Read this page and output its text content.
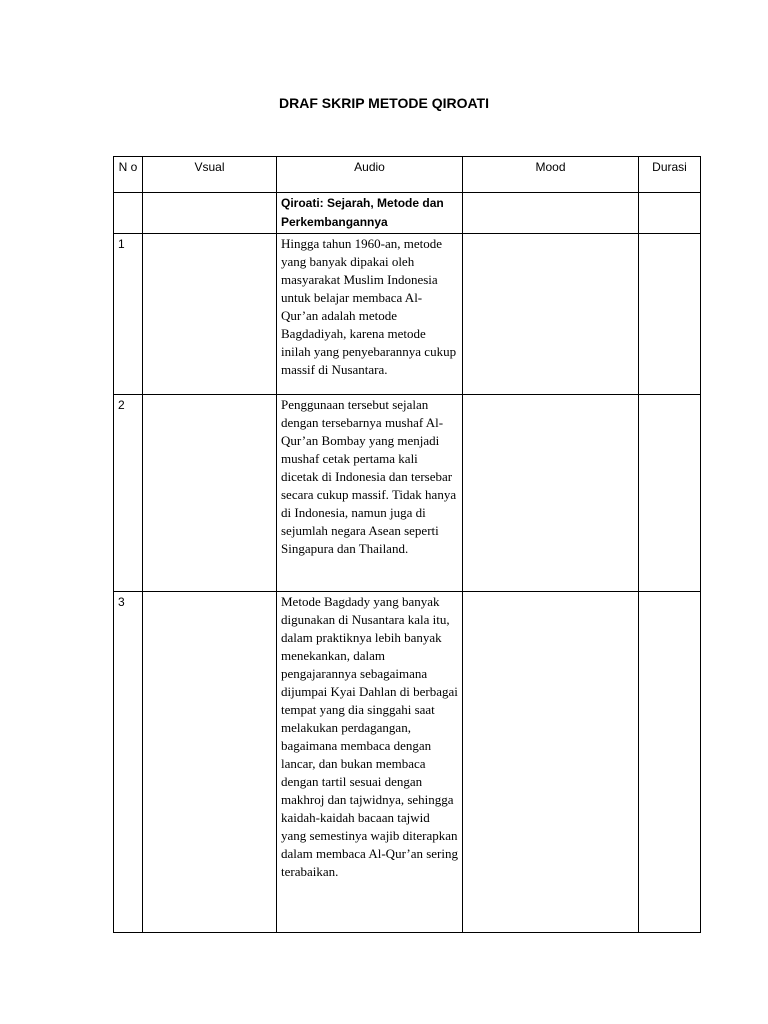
DRAF SKRIP METODE QIROATI
N o	Vsual	Audio	Mood	Durasi
		Qiroati: Sejarah, Metode dan Perkembangannya		
1		Hingga tahun 1960-an, metode yang banyak dipakai oleh masyarakat Muslim Indonesia untuk belajar membaca Al-Qur’an adalah metode Bagdadiyah, karena metode inilah yang penyebarannya cukup massif di Nusantara.		
2		Penggunaan tersebut sejalan dengan tersebarnya mushaf Al-Qur’an Bombay yang menjadi mushaf cetak pertama kali dicetak di Indonesia dan tersebar secara cukup massif. Tidak hanya di Indonesia, namun juga di sejumlah negara Asean seperti Singapura dan Thailand.		
3		Metode Bagdady yang banyak digunakan di Nusantara kala itu, dalam praktiknya lebih banyak menekankan, dalam pengajarannya sebagaimana dijumpai Kyai Dahlan di berbagai tempat yang dia singgahi saat melakukan perdagangan, bagaimana membaca dengan lancar, dan bukan membaca dengan tartil sesuai dengan makhroj dan tajwidnya, sehingga kaidah-kaidah bacaan tajwid yang semestinya wajib diterapkan dalam membaca Al-Qur’an sering terabaikan.		
